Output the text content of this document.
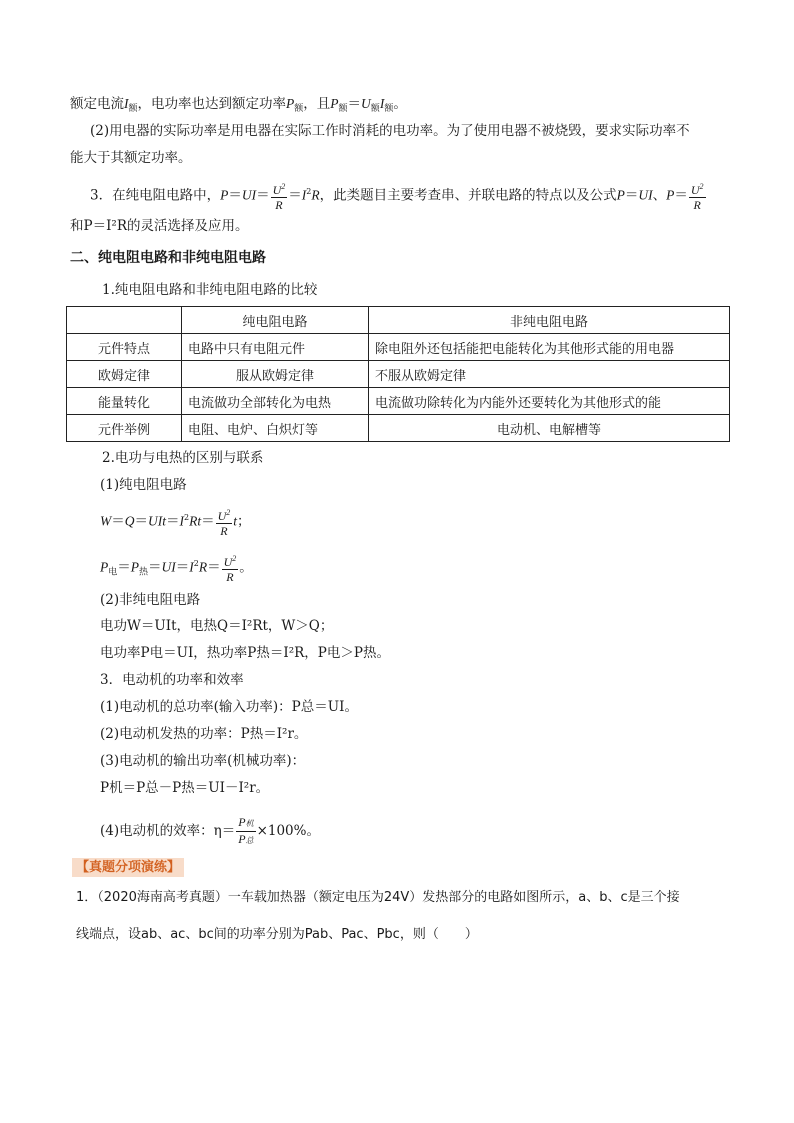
额定电流$I_额$，电功率也达到额定功率$P_额$，且$P_额=U_额I_额$。
(2)用电器的实际功率是用电器在实际工作时消耗的电功率。为了使用电器不被烧毁，要求实际功率不
能大于其额定功率。
3．在纯电阻电路中，$P=UI= \frac{U^2}{R} =I^2R$，此类题目主要考查串、并联电路的特点以及公式P＝UI、$P= \frac{U^2}{R}$
和P＝I²R的灵活选择及应用。
二、纯电阻电路和非纯电阻电路
1.纯电阻电路和非纯电阻电路的比较
	纯电阻电路	非纯电阻电路
元件特点	电路中只有电阻元件	除电阻外还包括能把电能转化为其他形式能的用电器
欧姆定律	服从欧姆定律	不服从欧姆定律
能量转化	电流做功全部转化为电热	电流做功除转化为内能外还要转化为其他形式的能
元件举例	电阻、电炉、白炽灯等	电动机、电解槽等
2.电功与电热的区别与联系
(1)纯电阻电路
$W=Q=UIt=I^2Rt= \frac{U^2}{R}$ t；
$P_电=P_热=UI=I^2R= \frac{U^2}{R}$ 。
(2)非纯电阻电路
电功W＝UIt，电热Q＝I²Rt，W＞Q；
电功率P电＝UI，热功率P热＝I²R，P电＞P热。
3．电动机的功率和效率
(1)电动机的总功率(输入功率)：P总＝UI。
(2)电动机发热的功率：P热＝I²r。
(3)电动机的输出功率(机械功率)：
P机＝P总－P热＝UI－I²r。
(4)电动机的效率：$\eta= \frac{\text{P机}}{\text{P总}} \times 100\%$。
【真题分项演练】
1．（2020海南高考真题）一车载加热器（额定电压为24V）发热部分的电路如图所示，a、b、c是三个接
线端点，设ab、ac、bc间的功率分别为Pab、Pac、Pbc，则（　　）
